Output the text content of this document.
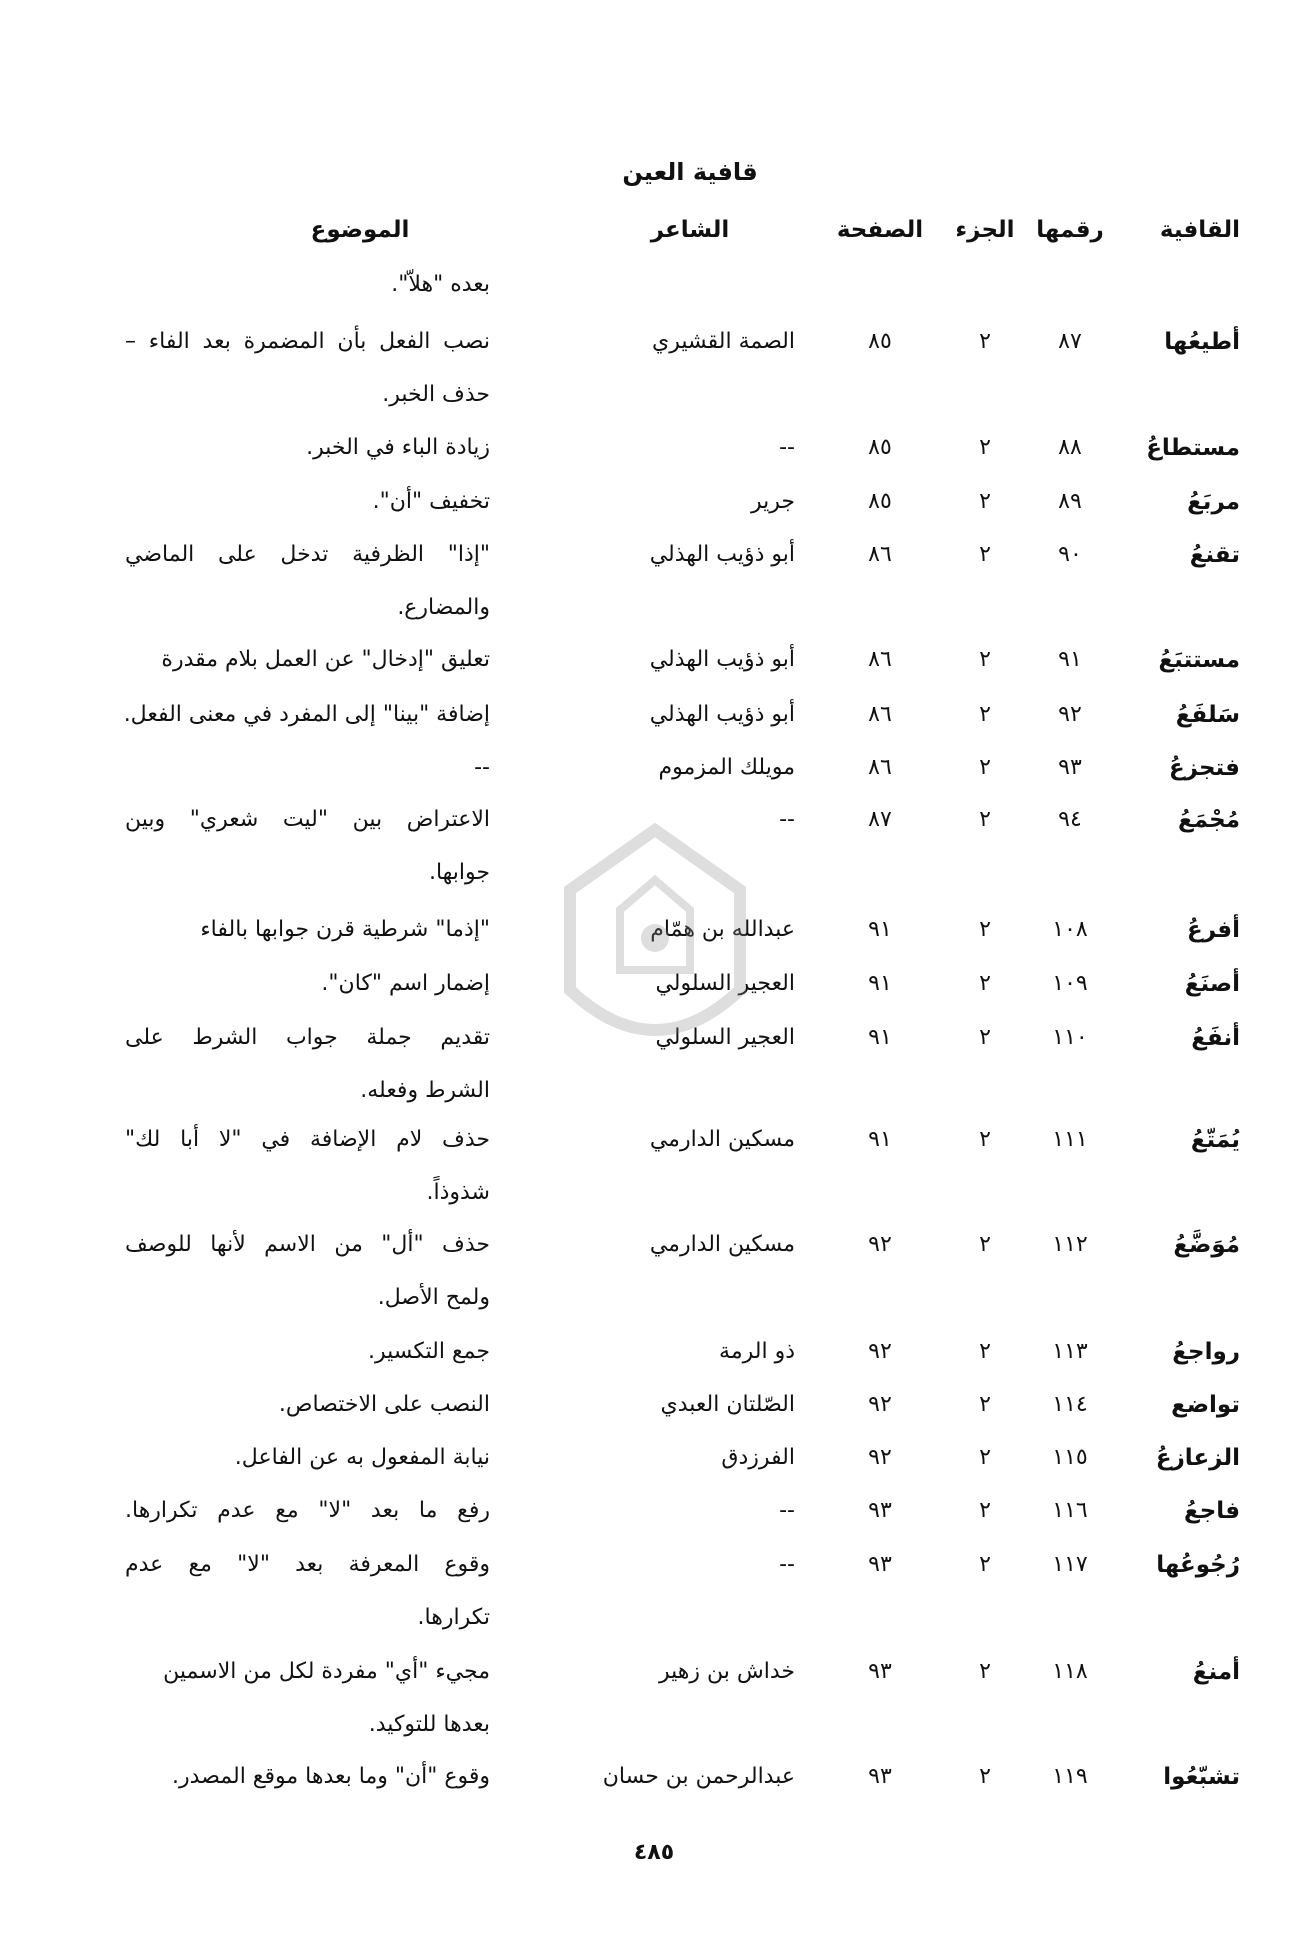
قافية العين
القافية
رقمها
الجزء
الصفحة
الشاعر
الموضوع
بعده "هلاّ".
أطيعُها
٨٧
٢
٨٥
الصمة القشيري
نصب الفعل بأن المضمرة بعد الفاء –
حذف الخبر.
مستطاعُ
٨٨
٢
٨٥
--
زيادة الباء في الخبر.
مربَعُ
٨٩
٢
٨٥
جرير
تخفيف "أن".
تقنعُ
٩٠
٢
٨٦
أبو ذؤيب الهذلي
"إذا" الظرفية تدخل على الماضي
والمضارع.
مستتبَعُ
٩١
٢
٨٦
أبو ذؤيب الهذلي
تعليق "إدخال" عن العمل بلام مقدرة
سَلفَعُ
٩٢
٢
٨٦
أبو ذؤيب الهذلي
إضافة "بينا" إلى المفرد في معنى الفعل.
فتجزعُ
٩٣
٢
٨٦
مويلك المزموم
--
مُجْمَعُ
٩٤
٢
٨٧
--
الاعتراض بين "ليت شعري" وبين
جوابها.
أفرعُ
١٠٨
٢
٩١
عبدالله بن همّام
"إذما" شرطية قرن جوابها بالفاء
أصنَعُ
١٠٩
٢
٩١
العجير السلولي
إضمار اسم "كان".
أنفَعُ
١١٠
٢
٩١
العجير السلولي
تقديم جملة جواب الشرط على
الشرط وفعله.
يُمَتّعُ
١١١
٢
٩١
مسكين الدارمي
حذف لام الإضافة في "لا أبا لك"
شذوذاً.
مُوَضَّعُ
١١٢
٢
٩٢
مسكين الدارمي
حذف "أل" من الاسم لأنها للوصف
ولمح الأصل.
رواجعُ
١١٣
٢
٩٢
ذو الرمة
جمع التكسير.
تواضع
١١٤
٢
٩٢
الصّلتان العبدي
النصب على الاختصاص.
الزعازعُ
١١٥
٢
٩٢
الفرزدق
نيابة المفعول به عن الفاعل.
فاجعُ
١١٦
٢
٩٣
--
رفع ما بعد "لا" مع عدم تكرارها.
رُجُوعُها
١١٧
٢
٩٣
--
وقوع المعرفة بعد "لا" مع عدم
تكرارها.
أمنعُ
١١٨
٢
٩٣
خداش بن زهير
مجيء "أي" مفردة لكل من الاسمين
بعدها للتوكيد.
تشبّعُوا
١١٩
٢
٩٣
عبدالرحمن بن حسان
وقوع "أن" وما بعدها موقع المصدر.
٤٨٥
